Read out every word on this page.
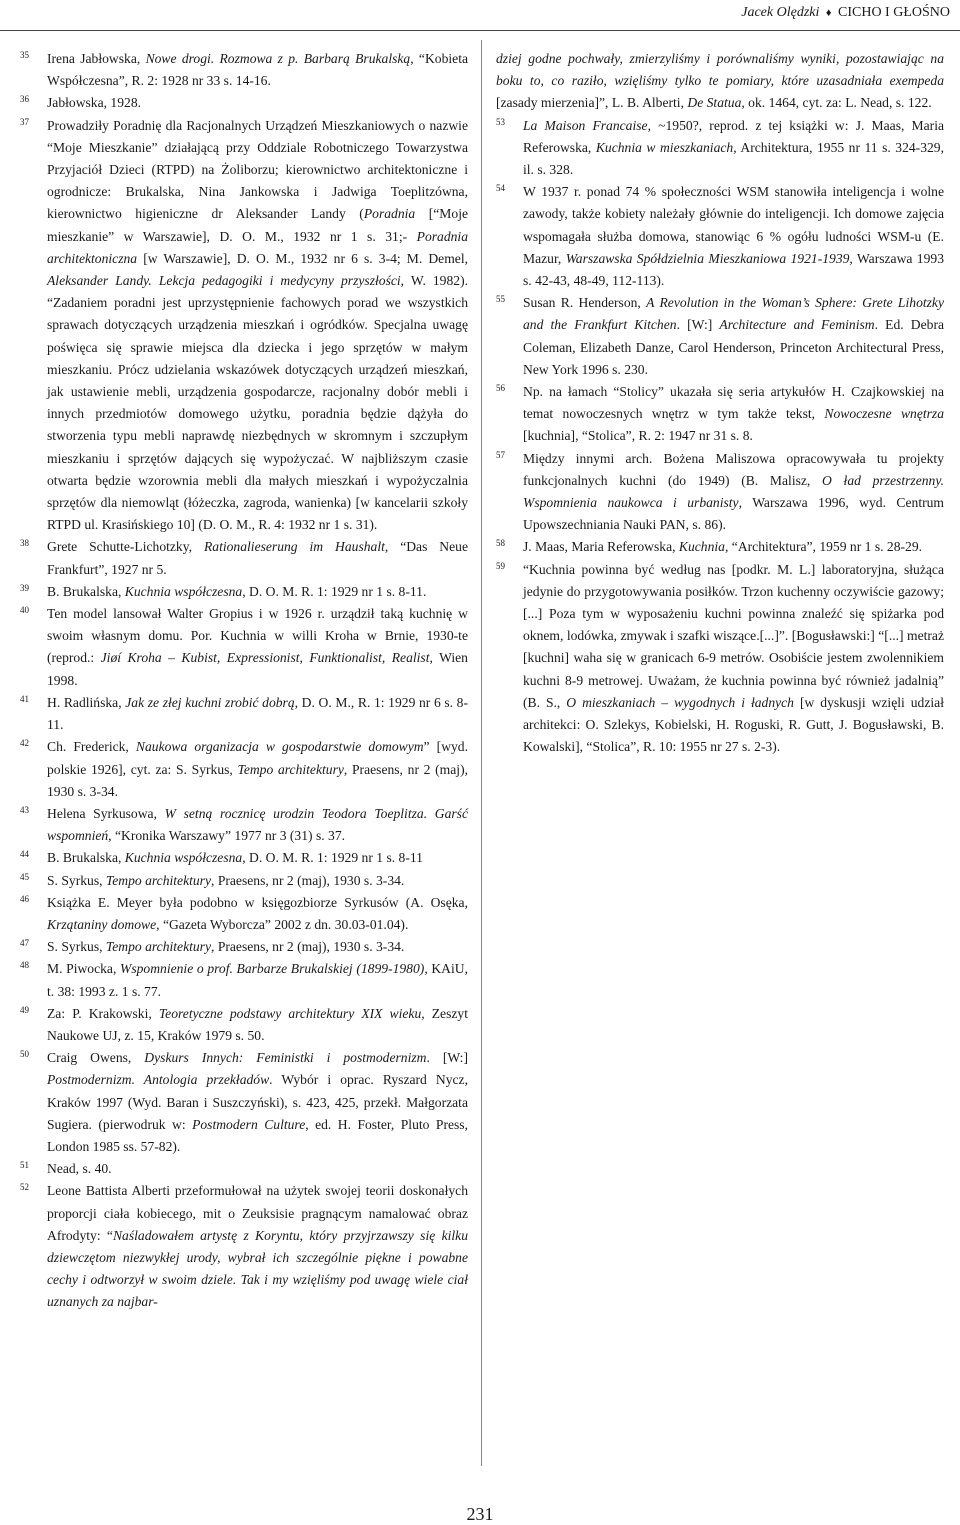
Jacek Olędzki ♦ CICHO I GŁOŚNO
35	Irena Jabłowska, Nowe drogi. Rozmowa z p. Barbarą Brukalską, “Kobieta Współczesna”, R. 2: 1928 nr 33 s. 14-16.

36	Jabłowska, 1928.

37	Prowadziły Poradnię dla Racjonalnych Urządzeń Mieszkaniowych o nazwie “Moje Mieszkanie” działającą przy Oddziale Robotniczego Towarzystwa Przyjaciół Dzieci (RTPD) na Żoliborzu; kierownictwo architektoniczne i ogrodnicze: Brukalska, Nina Jankowska i Jadwiga Toeplitzówna, kierownictwo higieniczne dr Aleksander Landy (Poradnia [“Moje mieszkanie” w Warszawie], D. O. M., 1932 nr 1 s. 31;- Poradnia architektoniczna [w Warszawie], D. O. M., 1932 nr 6 s. 3-4; M. Demel, Aleksander Landy. Lekcja pedagogiki i medycyny przyszłości, W. 1982). “Zadaniem poradni jest uprzystępnienie fachowych porad we wszystkich sprawach dotyczących urządzenia mieszkań i ogródków. Specjalna uwagę poświęca się sprawie miejsca dla dziecka i jego sprzętów w małym mieszkaniu. Prócz udzielania wskazówek dotyczących urządzeń mieszkań, jak ustawienie mebli, urządzenia gospodarcze, racjonalny dobór mebli i innych przedmiotów domowego użytku, poradnia będzie dążyła do stworzenia typu mebli naprawdę niezbędnych w skromnym i szczupłym mieszkaniu i sprzętów dających się wypożyczać. W najbliższym czasie otwarta będzie wzorownia mebli dla małych mieszkań i wypożyczalnia sprzętów dla niemowląt (łóżeczka, zagroda, wanienka) [w kancelarii szkoły RTPD ul. Krasińskiego 10] (D. O. M., R. 4: 1932 nr 1 s. 31).

38	Grete Schutte-Lichotzky, Rationalieserung im Haushalt, “Das Neue Frankfurt”, 1927 nr 5.

39	B. Brukalska, Kuchnia współczesna, D. O. M. R. 1: 1929 nr 1 s. 8-11.

40	Ten model lansował Walter Gropius i w 1926 r. urządził taką kuchnię w swoim własnym domu. Por. Kuchnia w willi Kroha w Brnie, 1930-te (reprod.: Jiøí Kroha – Kubist, Expressionist, Funktionalist, Realist, Wien 1998.

41	H. Radlińska, Jak ze złej kuchni zrobić dobrą, D. O. M., R. 1: 1929 nr 6 s. 8-11.

42	Ch. Frederick, Naukowa organizacja w gospodarstwie domowym” [wyd. polskie 1926], cyt. za: S. Syrkus, Tempo architektury, Praesens, nr 2 (maj), 1930 s. 3-34.

43	Helena Syrkusowa, W setną rocznicę urodzin Teodora Toeplitza. Garść wspomnień, “Kronika Warszawy” 1977 nr 3 (31) s. 37.

44	B. Brukalska, Kuchnia współczesna, D. O. M. R. 1: 1929 nr 1 s. 8-11

45	S. Syrkus, Tempo architektury, Praesens, nr 2 (maj), 1930 s. 3-34.

46	Książka E. Meyer była podobno w księgozbiorze Syrkusów (A. Osęka, Krzątaniny domowe, “Gazeta Wyborcza” 2002 z dn. 30.03-01.04).

47	S. Syrkus, Tempo architektury, Praesens, nr 2 (maj), 1930 s. 3-34.

48	M. Piwocka, Wspomnienie o prof. Barbarze Brukalskiej (1899-1980), KAiU, t. 38: 1993 z. 1 s. 77.

49	Za: P. Krakowski, Teoretyczne podstawy architektury XIX wieku, Zeszyt Naukowe UJ, z. 15, Kraków 1979 s. 50.

50	Craig Owens, Dyskurs Innych: Feministki i postmodernizm. [W:] Postmodernizm. Antologia przekładów. Wybór i oprac. Ryszard Nycz, Kraków 1997 (Wyd. Baran i Suszczyński), s. 423, 425, przekł. Małgorzata Sugiera. (pierwodruk w: Postmodern Culture, ed. H. Foster, Pluto Press, London 1985 ss. 57-82).

51	Nead, s. 40.

52	Leone Battista Alberti przeformułował na użytek swojej teorii doskonałych proporcji ciała kobiecego, mit o Zeuksisie pragnącym namalować obraz Afrodyty: “Naśladowałem artystę z Koryntu, który przyjrzawszy się kilku dziewczętom niezwykłej urody, wybrał ich szczególnie piękne i powabne cechy i odtworzył w swoim dziele. Tak i my wzięliśmy pod uwagę wiele ciał uznanych za najbar-

dziej godne pochwały, zmierzyliśmy i porównaliśmy wyniki, pozostawiając na boku to, co raziło, wzięliśmy tylko te pomiary, które uzasadniała exempeda [zasady mierzenia]”, L. B. Alberti, De Statua, ok. 1464, cyt. za: L. Nead, s. 122.

53	La Maison Francaise, ~1950?, reprod. z tej książki w: J. Maas, Maria Referowska, Kuchnia w mieszkaniach, Architektura, 1955 nr 11 s. 324-329, il. s. 328.

54	W 1937 r. ponad 74 % społeczności WSM stanowiła inteligencja i wolne zawody, także kobiety należały głównie do inteligencji. Ich domowe zajęcia wspomagała służba domowa, stanowiąc 6 % ogółu ludności WSM-u (E. Mazur, Warszawska Spółdzielnia Mieszkaniowa 1921-1939, Warszawa 1993 s. 42-43, 48-49, 112-113).

55	Susan R. Henderson, A Revolution in the Woman’s Sphere: Grete Lihotzky and the Frankfurt Kitchen. [W:] Architecture and Feminism. Ed. Debra Coleman, Elizabeth Danze, Carol Henderson, Princeton Architectural Press, New York 1996 s. 230.

56	Np. na łamach “Stolicy” ukazała się seria artykułów H. Czajkowskiej na temat nowoczesnych wnętrz w tym także tekst, Nowoczesne wnętrza [kuchnia], “Stolica”, R. 2: 1947 nr 31 s. 8.

57	Między innymi arch. Bożena Maliszowa opracowywała tu projekty funkcjonalnych kuchni (do 1949) (B. Malisz, O ład przestrzenny. Wspomnienia naukowca i urbanisty, Warszawa 1996, wyd. Centrum Upowszechniania Nauki PAN, s. 86).

58	J. Maas, Maria Referowska, Kuchnia, “Architektura”, 1959 nr 1 s. 28-29.

59	“Kuchnia powinna być według nas [podkr. M. L.] laboratoryjna, służąca jedynie do przygotowywania posiłków. Trzon kuchenny oczywiście gazowy; [...] Poza tym w wyposażeniu kuchni powinna znaleźć się spiżarka pod oknem, lodówka, zmywak i szafki wiszące.[...]”. [Bogusławski:] “[...] metraż [kuchni] waha się w granicach 6-9 metrów. Osobiście jestem zwolennikiem kuchni 8-9 metrowej. Uważam, że kuchnia powinna być również jadalnią” (B. S., O mieszkaniach – wygodnych i ładnych [w dyskusji wzięli udział architekci: O. Szlekys, Kobielski, H. Roguski, R. Gutt, J. Bogusławski, B. Kowalski], “Stolica”, R. 10: 1955 nr 27 s. 2-3).

231
